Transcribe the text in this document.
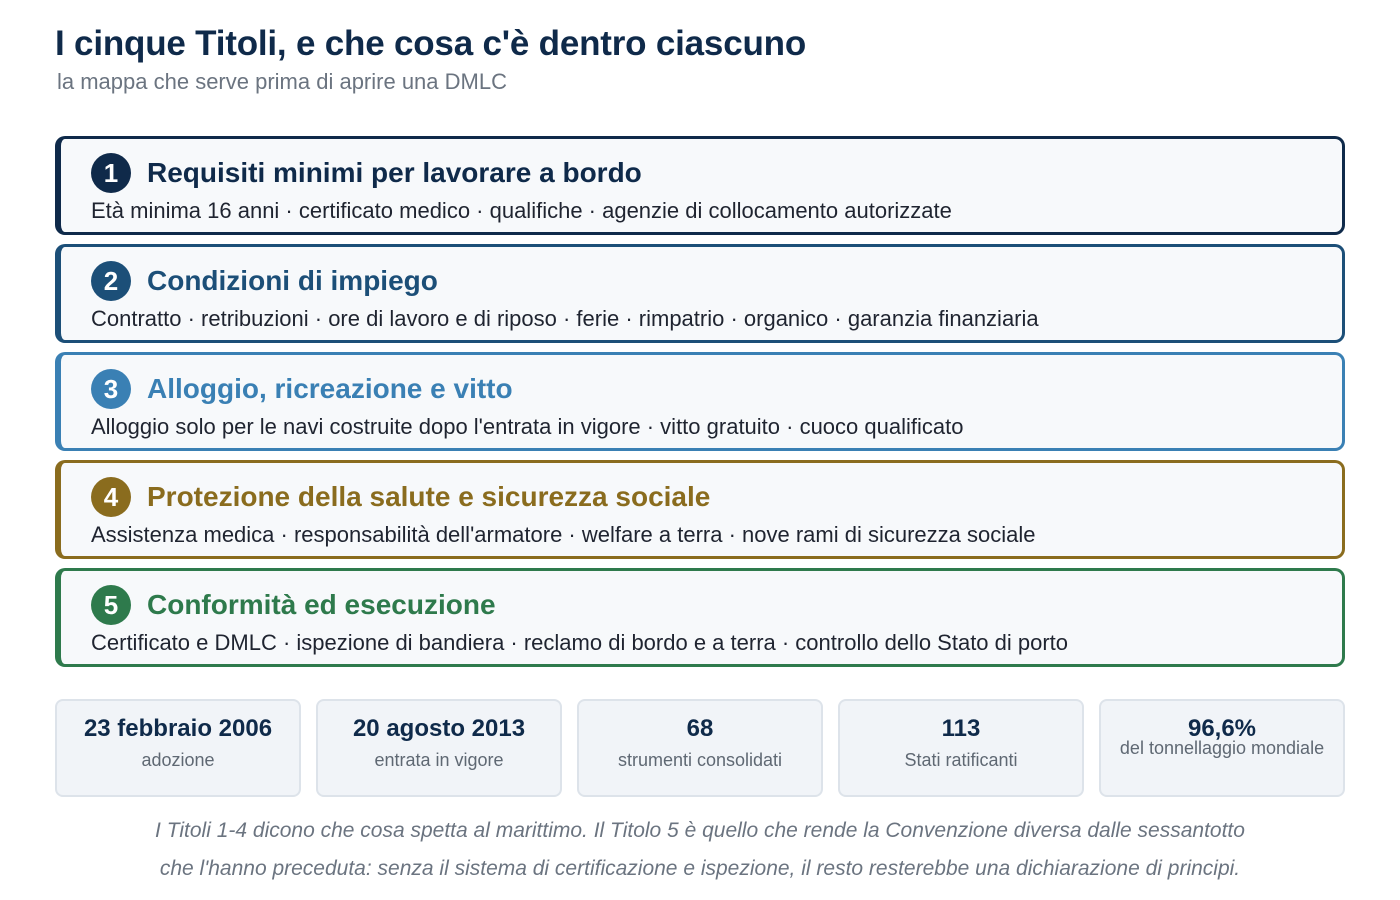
I cinque Titoli, e che cosa c'è dentro ciascuno
la mappa che serve prima di aprire una DMLC
1	Requisiti minimi per lavorare a bordo
Età minima 16 anni · certificato medico · qualifiche · agenzie di collocamento autorizzate
2	Condizioni di impiego
Contratto · retribuzioni · ore di lavoro e di riposo · ferie · rimpatrio · organico · garanzia finanziaria
3	Alloggio, ricreazione e vitto
Alloggio solo per le navi costruite dopo l'entrata in vigore · vitto gratuito · cuoco qualificato
4	Protezione della salute e sicurezza sociale
Assistenza medica · responsabilità dell'armatore · welfare a terra · nove rami di sicurezza sociale
5	Conformità ed esecuzione
Certificato e DMLC · ispezione di bandiera · reclamo di bordo e a terra · controllo dello Stato di porto
23 febbraio 2006
adozione
20 agosto 2013
entrata in vigore
68
strumenti consolidati
113
Stati ratificanti
96,6%
del tonnellaggio mondiale
I Titoli 1-4 dicono che cosa spetta al marittimo. Il Titolo 5 è quello che rende la Convenzione diversa dalle sessantotto
che l'hanno preceduta: senza il sistema di certificazione e ispezione, il resto resterebbe una dichiarazione di principi.
